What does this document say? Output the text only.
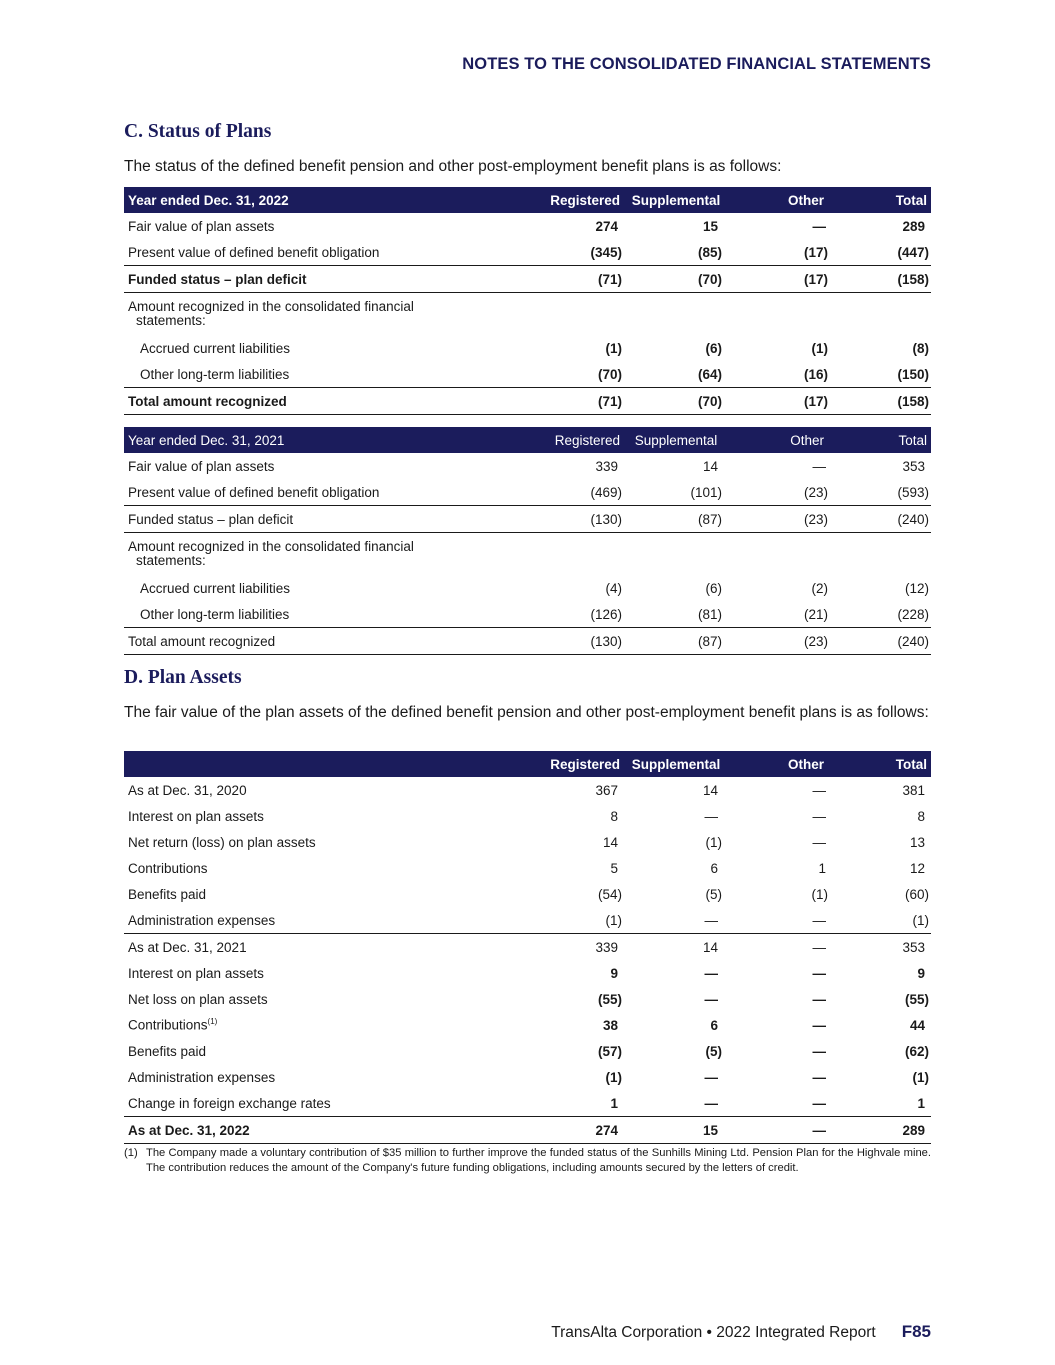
NOTES TO THE CONSOLIDATED FINANCIAL STATEMENTS
C. Status of Plans
The status of the defined benefit pension and other post-employment benefit plans is as follows:
Year ended Dec. 31, 2022	Registered	Supplemental	Other	Total
Fair value of plan assets	274	15	—	289
Present value of defined benefit obligation	(345)	(85)	(17)	(447)
Funded status – plan deficit	(71)	(70)	(17)	(158)

Amount recognized in the consolidated financial
statements:				

Accrued current liabilities	(1)	(6)	(1)	(8)
Other long-term liabilities	(70)	(64)	(16)	(150)
Total amount recognized	(71)	(70)	(17)	(158)
Year ended Dec. 31, 2021	Registered	Supplemental	Other	Total
Fair value of plan assets	339	14	—	353
Present value of defined benefit obligation	(469)	(101)	(23)	(593)
Funded status – plan deficit	(130)	(87)	(23)	(240)

Amount recognized in the consolidated financial
statements:				

Accrued current liabilities	(4)	(6)	(2)	(12)
Other long-term liabilities	(126)	(81)	(21)	(228)
Total amount recognized	(130)	(87)	(23)	(240)
D. Plan Assets
The fair value of the plan assets of the defined benefit pension and other post-employment benefit plans is as follows:
	Registered	Supplemental	Other	Total
As at Dec. 31, 2020	367	14	—	381
Interest on plan assets	8	—	—	8
Net return (loss) on plan assets	14	(1)	—	13
Contributions	5	6	1	12
Benefits paid	(54)	(5)	(1)	(60)
Administration expenses	(1)	—	—	(1)
As at Dec. 31, 2021	339	14	—	353
Interest on plan assets	9	—	—	9
Net loss on plan assets	(55)	—	—	(55)
Contributions$^{(1)}$	38	6	—	44
Benefits paid	(57)	(5)	—	(62)
Administration expenses	(1)	—	—	(1)
Change in foreign exchange rates	1	—	—	1
As at Dec. 31, 2022	274	15	—	289
(1) The Company made a voluntary contribution of $35 million to further improve the funded status of the Sunhills Mining Ltd. Pension Plan for the Highvale mine. The contribution reduces the amount of the Company's future funding obligations, including amounts secured by the letters of credit.
TransAlta Corporation • 2022 Integrated Report F85
